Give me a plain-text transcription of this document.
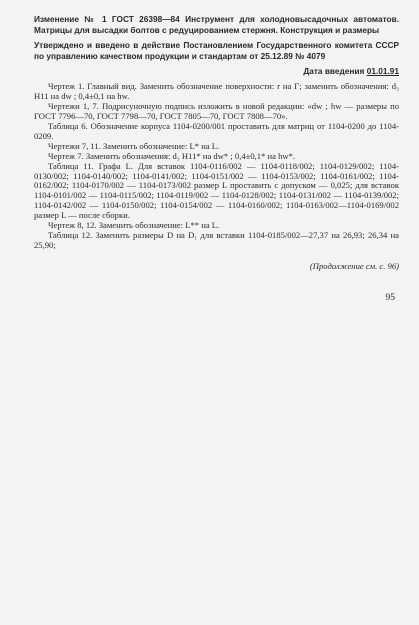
Изменение № 1 ГОСТ 26398—84 Инструмент для холодновысадочных автоматов. Матрицы для высадки болтов с редуцированием стержня. Конструкция и размеры

Утверждено и введено в действие Постановлением Государственного комитета СССР по управлению качеством продукции и стандартам от 25.12.89 № 4079

Дата введения 01.01.91

Чертеж 1. Главный вид. Заменить обозначение поверхности: r на Г; заменить обозначения: d₃ H11 на dw ; 0,4±0,1 на hw.

Чертежи 1, 7. Подрисуночную подпись изложить в новой редакции: «dw ; hw — размеры по ГОСТ 7796—70, ГОСТ 7798—70, ГОСТ 7805—70, ГОСТ 7808—70».

Таблица 6. Обозначение корпуса 1104-0200/001 проставить для матриц от 1104-0200 до 1104-0209.

Чертежи 7, 11. Заменить обозначение: L* на L.

Чертеж 7. Заменить обозначения: d₃ H11* на dw* ; 0,4±0,1* на hw*.

Таблица 11. Графа L. Для вставок 1104-0116/002 — 1104-0118/002; 1104-0129/002; 1104-0130/002; 1104-0140/002; 1104-0141/002; 1104-0151/002 — 1104-0153/002; 1104-0161/002; 1104-0162/002; 1104-0170/002 — 1104-0173/002 размер L проставить с допуском — 0,025; для вставок 1104-0101/002 — 1104-0115/002; 1104-0119/002 — 1104-0128/002; 1104-0131/002 — 1104-0139/002; 1104-0142/002 — 1104-0150/002; 1104-0154/002 — 1104-0160/002; 1104-0163/002—1104-0169/002 размер L — после сборки.

Чертеж 8, 12. Заменить обозначение: L** на L.

Таблица 12. Заменить размеры D на D₁ для вставки 1104-0185/002—27,37 на 26,93; 26,34 на 25,90;

(Продолжение см. с. 96)
95
